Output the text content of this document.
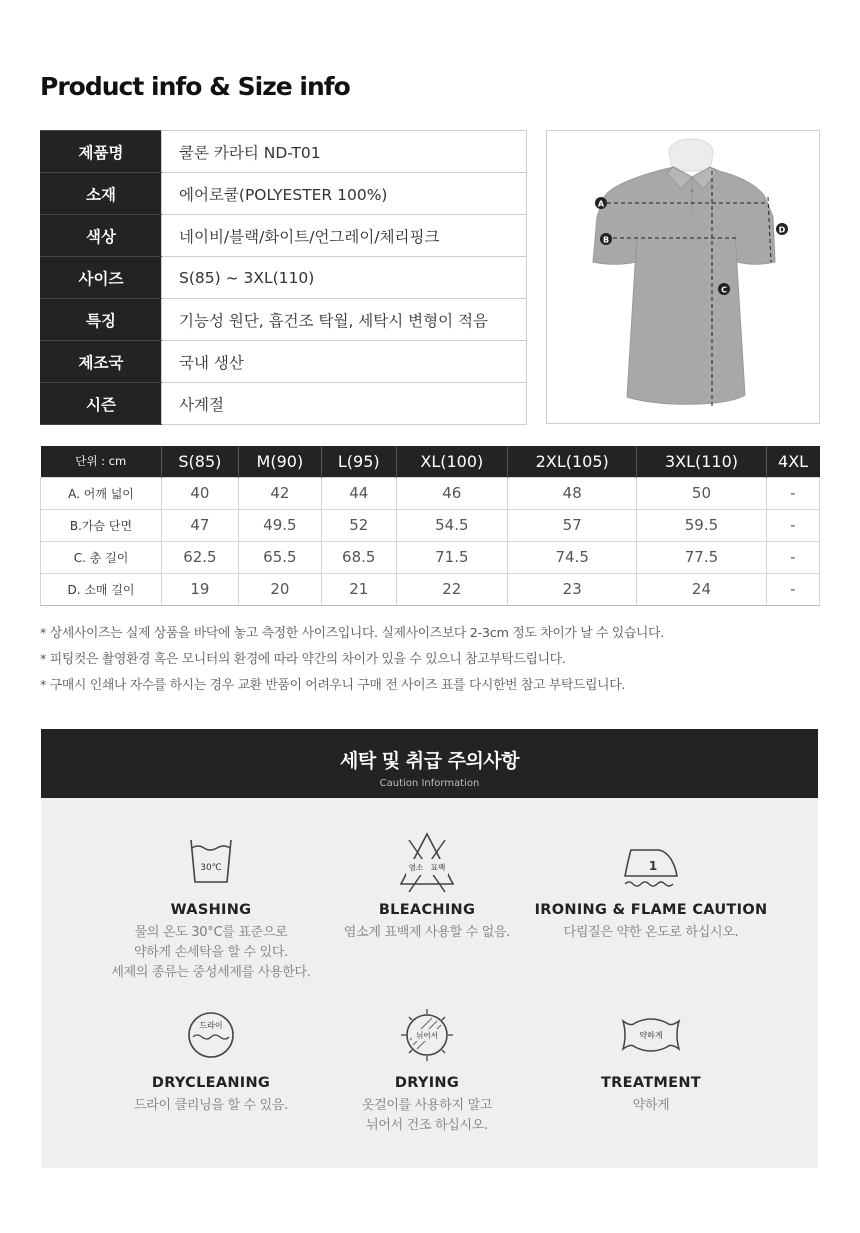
Product info & Size info
제품명	쿨론 카라티 ND-T01
소재	에어로쿨(POLYESTER 100%)
색상	네이비/블랙/화이트/언그레이/체리핑크
사이즈	S(85) ~ 3XL(110)
특징	기능성 원단, 흡건조 탁월, 세탁시 변형이 적음
제조국	국내 생산
시즌	사계절
A
B
C
D
단위 : cm	S(85)	M(90)	L(95)	XL(100)	2XL(105)	3XL(110)	4XL
A. 어깨 넓이	40	42	44	46	48	50	-
B.가슴 단면	47	49.5	52	54.5	57	59.5	-
C. 총 길이	62.5	65.5	68.5	71.5	74.5	77.5	-
D. 소매 길이	19	20	21	22	23	24	-

* 상세사이즈는 실제 상품을 바닥에 놓고 측정한 사이즈입니다. 실제사이즈보다 2-3cm 정도 차이가 날 수 있습니다.

* 피팅컷은 촬영환경 혹은 모니터의 환경에 따라 약간의 차이가 있을 수 있으니 참고부탁드립니다.

* 구매시 인쇄나 자수를 하시는 경우 교환 반품이 어려우니 구매 전 사이즈 표를 다시한번 참고 부탁드립니다.

세탁 및 취급 주의사항
Caution Information
30℃
WASHING
물의 온도 30°C를 표준으로
약하게 손세탁을 할 수 있다.
세제의 종류는 중성세제를 사용한다.
염소 표백
BLEACHING
염소계 표백제 사용할 수 없음.
1
IRONING & FLAME CAUTION
다림질은 약한 온도로 하십시오.
드라이
DRYCLEANING
드라이 클리닝을 할 수 있음.
뉘어서
DRYING
옷걸이를 사용하지 말고
뉘어서 건조 하십시오.
약하게
TREATMENT
약하게
